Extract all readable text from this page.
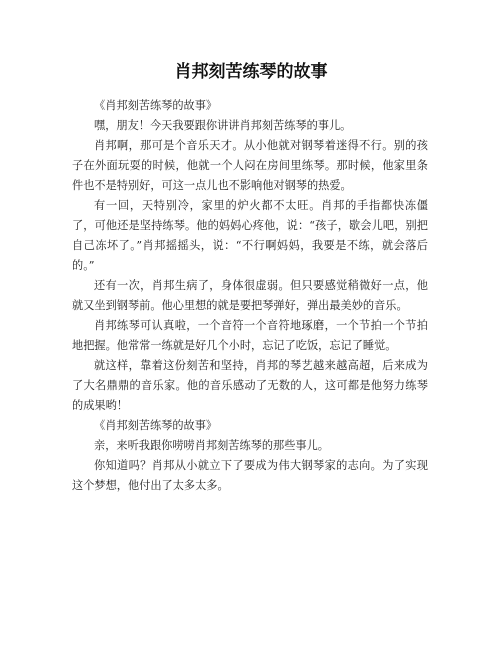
肖邦刻苦练琴的故事

《肖邦刻苦练琴的故事》

嘿，朋友！今天我要跟你讲讲肖邦刻苦练琴的事儿。

肖邦啊，那可是个音乐天才。从小他就对钢琴着迷得不行。别的孩子在外面玩耍的时候，他就一个人闷在房间里练琴。那时候，他家里条件也不是特别好，可这一点儿也不影响他对钢琴的热爱。

有一回，天特别冷，家里的炉火都不太旺。肖邦的手指都快冻僵了，可他还是坚持练琴。他的妈妈心疼他，说：“孩子，歇会儿吧，别把自己冻坏了。”肖邦摇摇头，说：“不行啊妈妈，我要是不练，就会落后的。”

还有一次，肖邦生病了，身体很虚弱。但只要感觉稍微好一点，他就又坐到钢琴前。他心里想的就是要把琴弹好，弹出最美妙的音乐。

肖邦练琴可认真啦，一个音符一个音符地琢磨，一个节拍一个节拍地把握。他常常一练就是好几个小时，忘记了吃饭，忘记了睡觉。

就这样，靠着这份刻苦和坚持，肖邦的琴艺越来越高超，后来成为了大名鼎鼎的音乐家。他的音乐感动了无数的人，这可都是他努力练琴的成果哟！

《肖邦刻苦练琴的故事》

亲，来听我跟你唠唠肖邦刻苦练琴的那些事儿。

你知道吗？肖邦从小就立下了要成为伟大钢琴家的志向。为了实现这个梦想，他付出了太多太多。
